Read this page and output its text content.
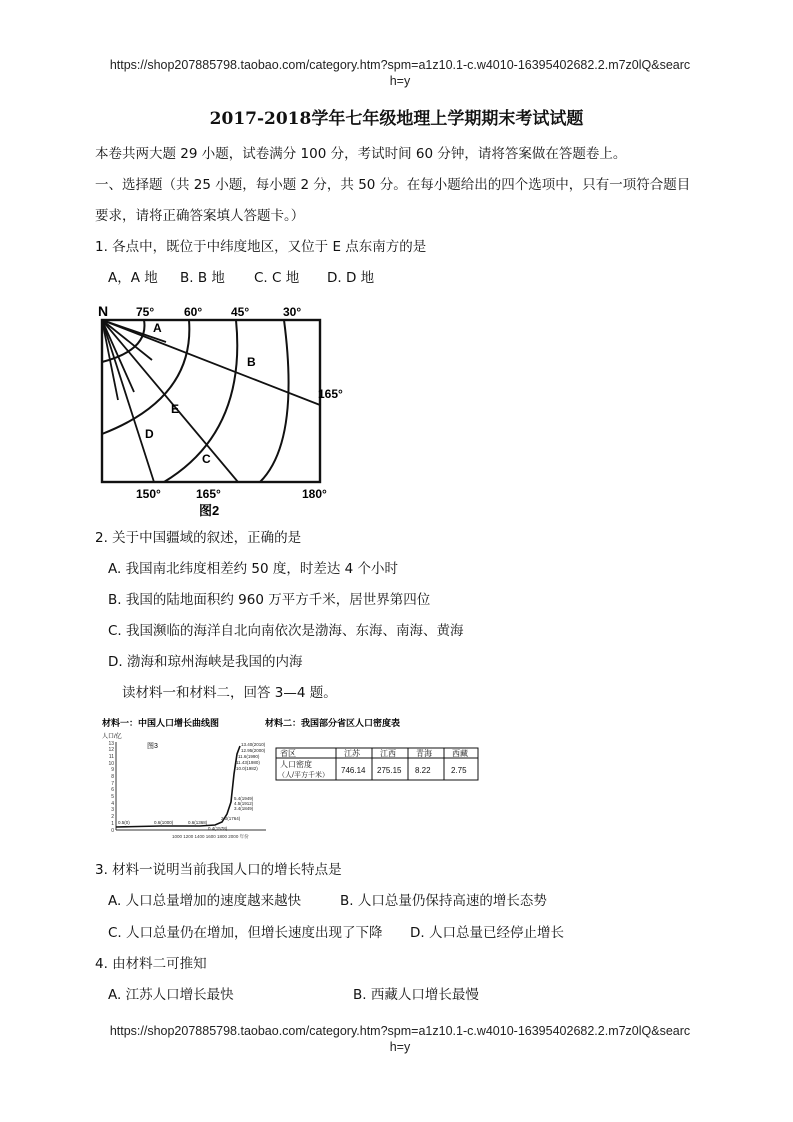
https://shop207885798.taobao.com/category.htm?spm=a1z10.1-c.w4010-16395402682.2.m7z0lQ&searc
h=y
2017-2018学年七年级地理上学期期末考试试题
本卷共两大题 29 小题，试卷满分 100 分，考试时间 60 分钟，请将答案做在答题卷上。
一、选择题（共 25 小题，每小题 2 分，共 50 分。在每小题给出的四个选项中，只有一项符合题目
要求，请将正确答案填人答题卡。）
1. 各点中，既位于中纬度地区，又位于 E 点东南方的是
A，A 地 B. B 地 C. C 地 D. D 地
N 75° 60° 45°	30°
165°
150°	165°	180°
A
B
E
D
C
图2
2. 关于中国疆域的叙述，正确的是
A. 我国南北纬度相差约 50 度，时差达 4 个小时
B. 我国的陆地面积约 960 万平方千米，居世界第四位
C. 我国濒临的海洋自北向南依次是渤海、东海、南海、黄海
D. 渤海和琼州海峡是我国的内海
读材料一和材料二，回答 3—4 题。
材料一：中国人口增长曲线图	材料二：我国部分省区人口密度表
人口/亿
图3
13
12
11
10
9
8
7
6
5
4
3
2
1
0
0.5(0)	0.6(1000)	0.6(1368)
0.4(1578)
2.0(1764)
3.4(1849)
4.5(1912)
5.4(1949)
13.40(2010)
12.95(2000)
11.6(1990)
11.43(1980)
10.0(1982)
1000 1200 1400 1600 1800 2000 年份
省区	江苏	江西	青海	西藏
人口密度
（人/平方千米）
746.14 275.15 8.22	2.75
3. 材料一说明当前我国人口的增长特点是
A. 人口总量增加的速度越来越快	B. 人口总量仍保持高速的增长态势
C. 人口总量仍在增加，但增长速度出现了下降 D. 人口总量已经停止增长
4. 由材料二可推知
A. 江苏人口增长最快	B. 西藏人口增长最慢
https://shop207885798.taobao.com/category.htm?spm=a1z10.1-c.w4010-16395402682.2.m7z0lQ&searc
h=y
